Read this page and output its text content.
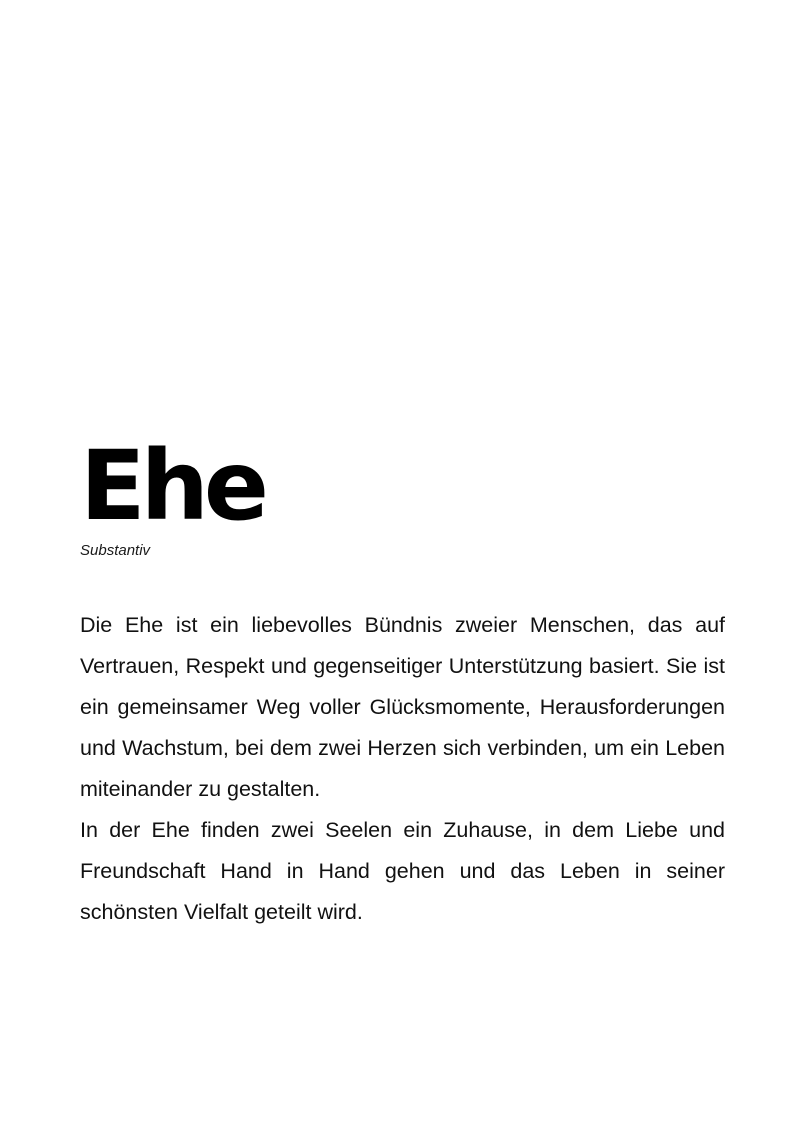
Ehe
Substantiv

Die Ehe ist ein liebevolles Bündnis zweier Menschen, das auf Vertrauen, Respekt und gegenseitiger Unterstützung basiert. Sie ist ein gemeinsamer Weg voller Glücksmomente, Herausforderungen und Wachstum, bei dem zwei Herzen sich verbinden, um ein Leben miteinander zu gestalten.

In der Ehe finden zwei Seelen ein Zuhause, in dem Liebe und Freundschaft Hand in Hand gehen und das Leben in seiner schönsten Vielfalt geteilt wird.
